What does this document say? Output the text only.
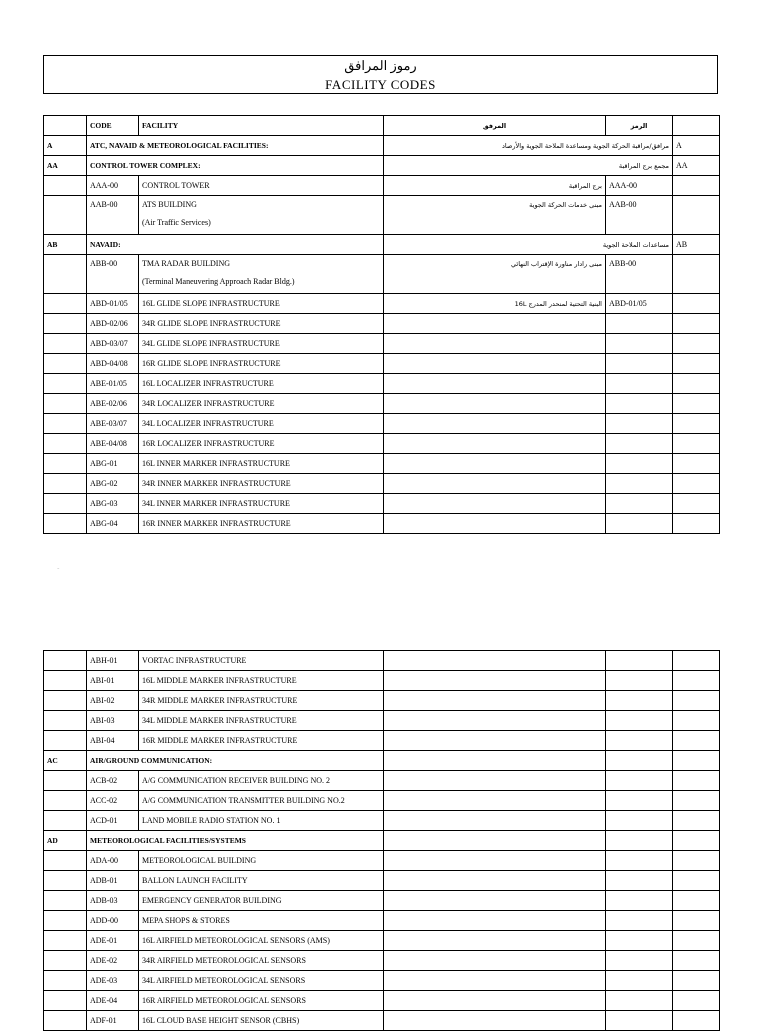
رموز المرافق
FACILITY CODES
	CODE	FACILITY	المرفق	الرمز	
A	ATC, NAVAID & METEOROLOGICAL FACILITIES:		مرافق/مراقبة الحركة الجوية ومساعدة الملاحة الجوية والأرصاد		A
AA	CONTROL TOWER COMPLEX:		مجمع برج المراقبة		AA
	AAA-00	CONTROL TOWER	برج المراقبة	AAA-00	

	AAB-00	ATS BUILDING
(Air Traffic Services)	مبنى خدمات الحركة الجوية	AAB-00	

AB	NAVAID:		مساعدات الملاحة الجوية		AB

	ABB-00	TMA RADAR BUILDING
(Terminal Maneuvering Approach Radar Bldg.)	مبنى رادار مناورة الإقتراب النهائي	ABB-00	

	ABD-01/05	16L GLIDE SLOPE INFRASTRUCTURE	البنية التحتية لمنحدر المدرج 16L	ABD-01/05	
	ABD-02/06	34R GLIDE SLOPE INFRASTRUCTURE			
	ABD-03/07	34L GLIDE SLOPE INFRASTRUCTURE			
	ABD-04/08	16R GLIDE SLOPE INFRASTRUCTURE			
	ABE-01/05	16L LOCALIZER INFRASTRUCTURE			
	ABE-02/06	34R LOCALIZER INFRASTRUCTURE			
	ABE-03/07	34L LOCALIZER INFRASTRUCTURE			
	ABE-04/08	16R LOCALIZER INFRASTRUCTURE			
	ABG-01	16L INNER MARKER INFRASTRUCTURE			
	ABG-02	34R INNER MARKER INFRASTRUCTURE			
	ABG-03	34L INNER MARKER INFRASTRUCTURE			
	ABG-04	16R INNER MARKER INFRASTRUCTURE			
~
	ABH-01	VORTAC INFRASTRUCTURE			
	ABI-01	16L MIDDLE MARKER INFRASTRUCTURE			
	ABI-02	34R MIDDLE MARKER INFRASTRUCTURE			
	ABI-03	34L MIDDLE MARKER INFRASTRUCTURE			
	ABI-04	16R MIDDLE MARKER INFRASTRUCTURE			
AC	AIR/GROUND COMMUNICATION:				
	ACB-02	A/G COMMUNICATION RECEIVER BUILDING NO. 2			
	ACC-02	A/G COMMUNICATION TRANSMITTER BUILDING NO.2			
	ACD-01	LAND MOBILE RADIO STATION NO. 1			
AD	METEOROLOGICAL FACILITIES/SYSTEMS				
	ADA-00	METEOROLOGICAL BUILDING			
	ADB-01	BALLON LAUNCH FACILITY			
	ADB-03	EMERGENCY GENERATOR BUILDING			
	ADD-00	MEPA SHOPS & STORES			
	ADE-01	16L AIRFIELD METEOROLOGICAL SENSORS (AMS)			
	ADE-02	34R AIRFIELD METEOROLOGICAL SENSORS			
	ADE-03	34L AIRFIELD METEOROLOGICAL SENSORS			
	ADE-04	16R AIRFIELD METEOROLOGICAL SENSORS			
	ADF-01	16L CLOUD BASE HEIGHT SENSOR (CBHS)			
